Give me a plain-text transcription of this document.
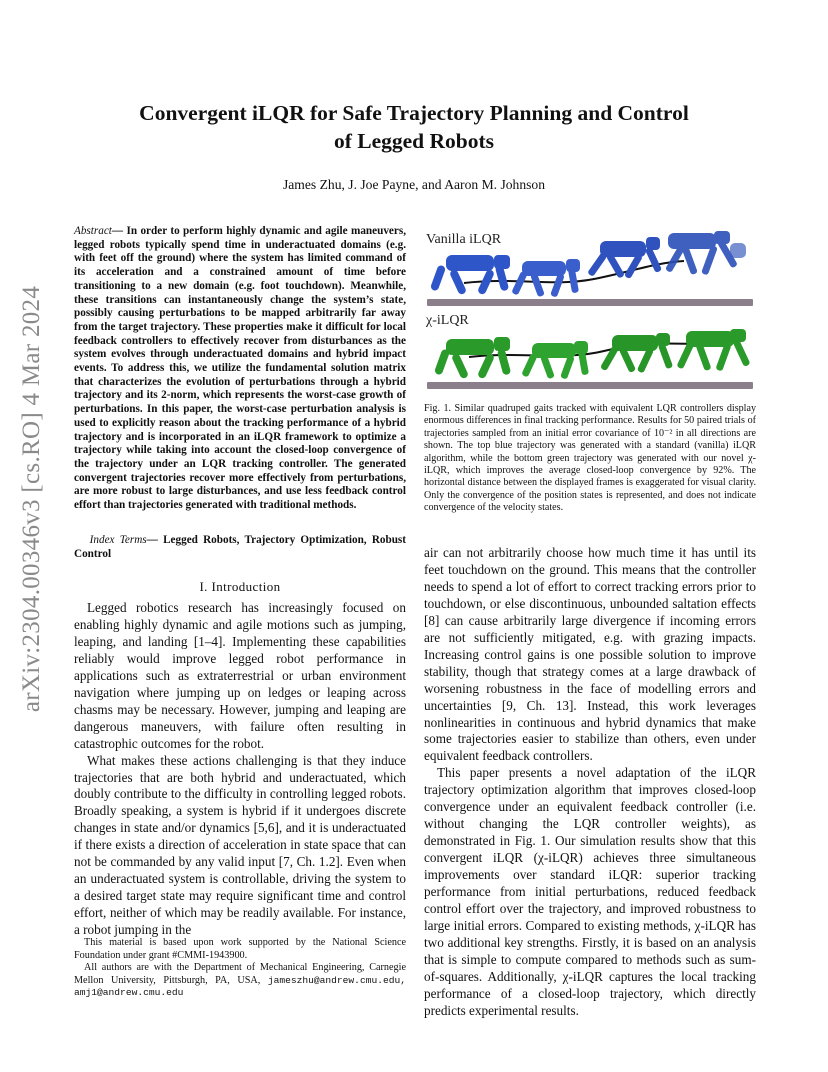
arXiv:2304.00346v3 [cs.RO] 4 Mar 2024
Convergent iLQR for Safe Trajectory Planning and Control
of Legged Robots
James Zhu, J. Joe Payne, and Aaron M. Johnson
Abstract— In order to perform highly dynamic and agile maneuvers, legged robots typically spend time in underactuated domains (e.g. with feet off the ground) where the system has limited command of its acceleration and a constrained amount of time before transitioning to a new domain (e.g. foot touchdown). Meanwhile, these transitions can instantaneously change the system’s state, possibly causing perturbations to be mapped arbitrarily far away from the target trajectory. These properties make it difficult for local feedback controllers to effectively recover from disturbances as the system evolves through underactuated domains and hybrid impact events. To address this, we utilize the fundamental solution matrix that characterizes the evolution of perturbations through a hybrid trajectory and its 2-norm, which represents the worst-case growth of perturbations. In this paper, the worst-case perturbation analysis is used to explicitly reason about the tracking performance of a hybrid trajectory and is incorporated in an iLQR framework to optimize a trajectory while taking into account the closed-loop convergence of the trajectory under an LQR tracking controller. The generated convergent trajectories recover more effectively from perturbations, are more robust to large disturbances, and use less feedback control effort than trajectories generated with traditional methods.
Index Terms— Legged Robots, Trajectory Optimization, Robust Control
I. Introduction

Legged robotics research has increasingly focused on enabling highly dynamic and agile motions such as jumping, leaping, and landing [1–4]. Implementing these capabilities reliably would improve legged robot performance in applications such as extraterrestrial or urban environment navigation where jumping up on ledges or leaping across chasms may be necessary. However, jumping and leaping are dangerous maneuvers, with failure often resulting in catastrophic outcomes for the robot.

What makes these actions challenging is that they induce trajectories that are both hybrid and underactuated, which doubly contribute to the difficulty in controlling legged robots. Broadly speaking, a system is hybrid if it undergoes discrete changes in state and/or dynamics [5,6], and it is underactuated if there exists a direction of acceleration in state space that can not be commanded by any valid input [7, Ch. 1.2]. Even when an underactuated system is controllable, driving the system to a desired target state may require significant time and control effort, neither of which may be readily available. For instance, a robot jumping in the

This material is based upon work supported by the National Science Foundation under grant #CMMI-1943900.

All authors are with the Department of Mechanical Engineering, Carnegie Mellon University, Pittsburgh, PA, USA, jameszhu@andrew.cmu.edu, amj1@andrew.cmu.edu

Vanilla iLQR
χ-iLQR
Fig. 1. Similar quadruped gaits tracked with equivalent LQR controllers display enormous differences in final tracking performance. Results for 50 paired trials of trajectories sampled from an initial error covariance of 10⁻² in all directions are shown. The top blue trajectory was generated with a standard (vanilla) iLQR algorithm, while the bottom green trajectory was generated with our novel χ-iLQR, which improves the average closed-loop convergence by 92%. The horizontal distance between the displayed frames is exaggerated for visual clarity. Only the convergence of the position states is represented, and does not indicate convergence of the velocity states.

air can not arbitrarily choose how much time it has until its feet touchdown on the ground. This means that the controller needs to spend a lot of effort to correct tracking errors prior to touchdown, or else discontinuous, unbounded saltation effects [8] can cause arbitrarily large divergence if incoming errors are not sufficiently mitigated, e.g. with grazing impacts. Increasing control gains is one possible solution to improve stability, though that strategy comes at a large drawback of worsening robustness in the face of modelling errors and uncertainties [9, Ch. 13]. Instead, this work leverages nonlinearities in continuous and hybrid dynamics that make some trajectories easier to stabilize than others, even under equivalent feedback controllers.

This paper presents a novel adaptation of the iLQR trajectory optimization algorithm that improves closed-loop convergence under an equivalent feedback controller (i.e. without changing the LQR controller weights), as demonstrated in Fig. 1. Our simulation results show that this convergent iLQR (χ-iLQR) achieves three simultaneous improvements over standard iLQR: superior tracking performance from initial perturbations, reduced feedback control effort over the trajectory, and improved robustness to large initial errors. Compared to existing methods, χ-iLQR has two additional key strengths. Firstly, it is based on an analysis that is simple to compute compared to methods such as sum-of-squares. Additionally, χ-iLQR captures the local tracking performance of a closed-loop trajectory, which directly predicts experimental results.
